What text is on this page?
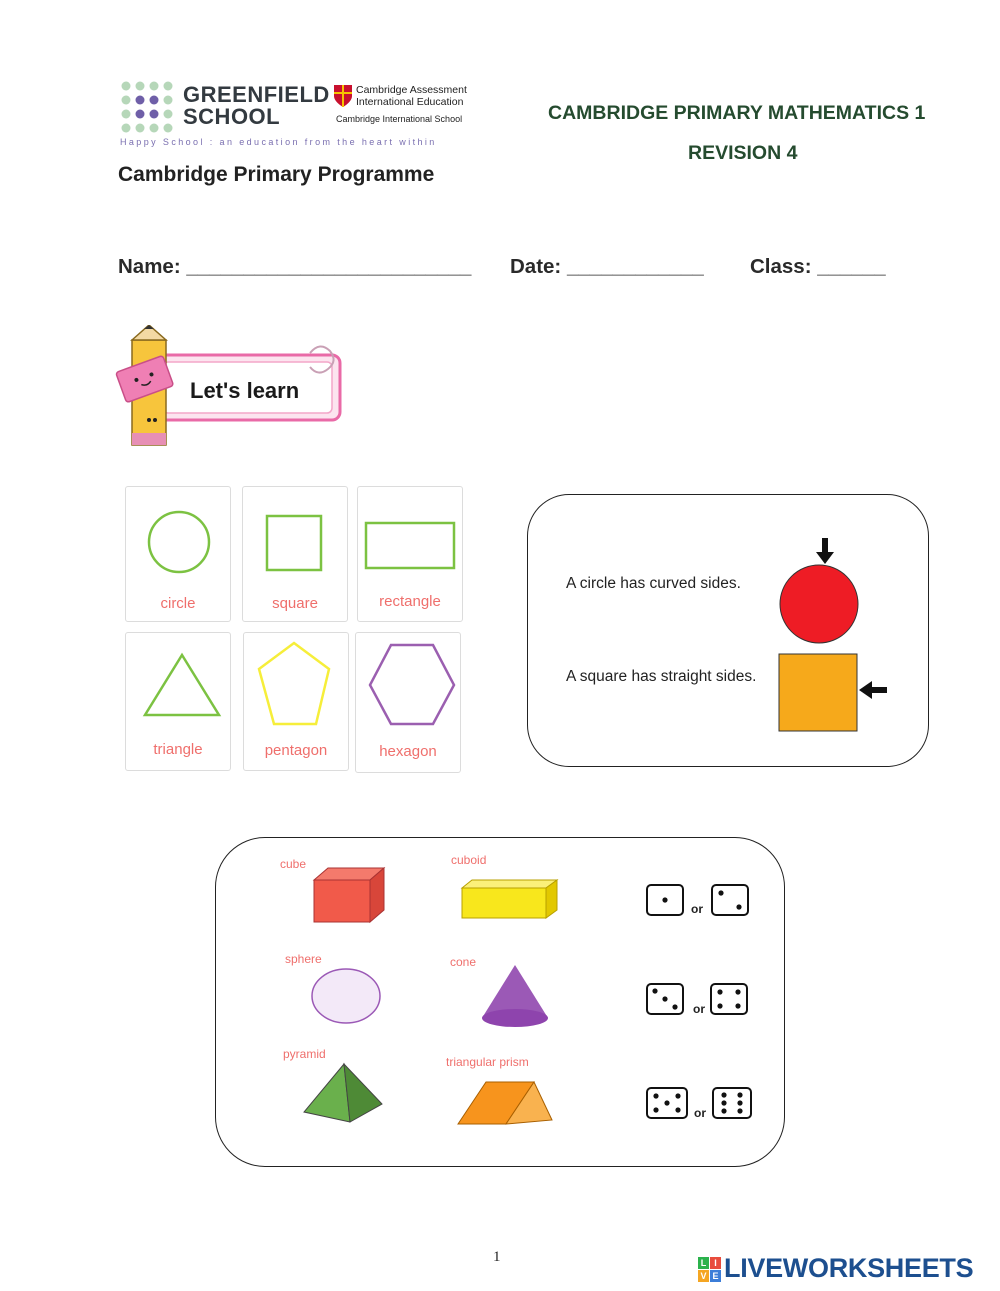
GREENFIELD
SCHOOL
Cambridge Assessment
International Education
Cambridge International School
Happy School : an education from the heart within
Cambridge Primary Programme
CAMBRIDGE PRIMARY MATHEMATICS 1
REVISION 4
Name: _________________________ Date: ____________ Class: ______
Let's learn
circle	square	rectangle
triangle	pentagon	hexagon
A circle has curved sides.
A square has straight sides.
cube	cuboid
sphere	cone
pyramid
triangular prism
or
or
or
1	L I
V E LIVEWORKSHEETS
